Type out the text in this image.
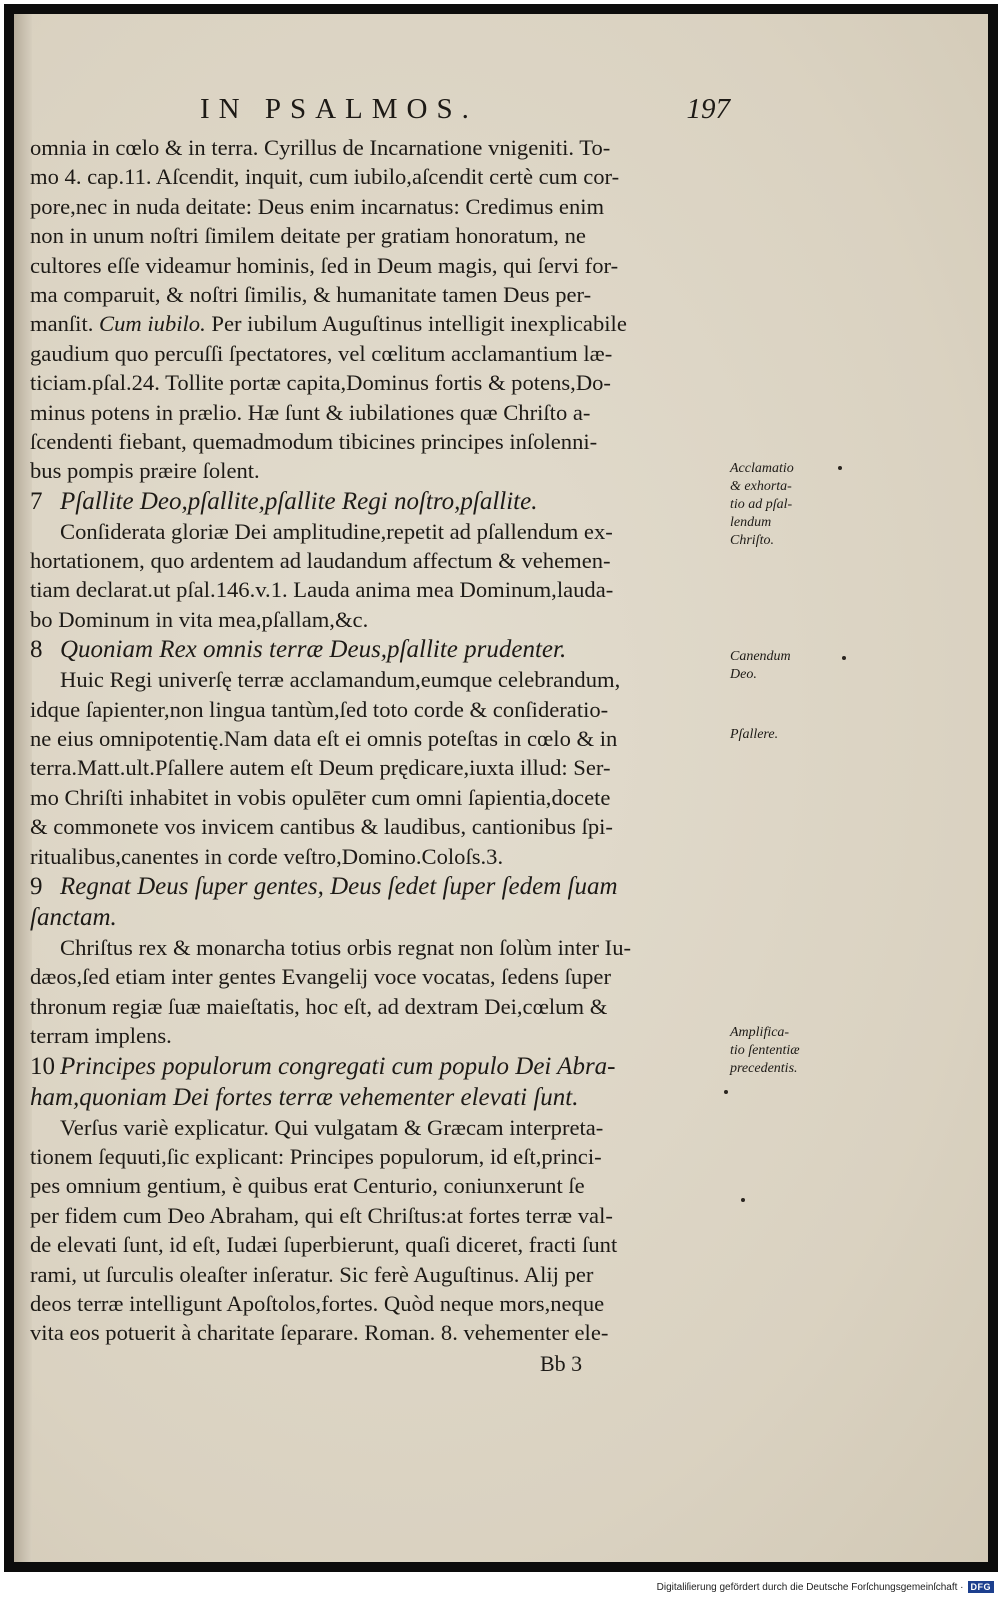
IN PSALMOS.	197
omnia in cœlo & in terra. Cyrillus de Incarnatione vnigeniti. To-
mo 4. cap.11. Aſcendit, inquit, cum iubilo,aſcendit certè cum cor-
pore,nec in nuda deitate: Deus enim incarnatus: Credimus enim
non in unum noſtri ſimilem deitate per gratiam honoratum, ne
cultores eſſe videamur hominis, ſed in Deum magis, qui ſervi for-
ma comparuit, & noſtri ſimilis, & humanitate tamen Deus per-
manſit. Cum iubilo. Per iubilum Auguſtinus intelligit inexplicabile
gaudium quo percuſſi ſpectatores, vel cœlitum acclamantium læ-
ticiam.pſal.24. Tollite portæ capita,Dominus fortis & potens,Do-
minus potens in prælio. Hæ ſunt & iubilationes quæ Chriſto a-
ſcendenti fiebant, quemadmodum tibicines principes inſolenni-
bus pompis præire ſolent.
7 Pſallite Deo,pſallite,pſallite Regi noſtro,pſallite.
Conſiderata gloriæ Dei amplitudine,repetit ad pſallendum ex-
hortationem, quo ardentem ad laudandum affectum & vehemen-
tiam declarat.ut pſal.146.v.1. Lauda anima mea Dominum,lauda-
bo Dominum in vita mea,pſallam,&c.
8 Quoniam Rex omnis terræ Deus,pſallite prudenter.
Huic Regi univerſę terræ acclamandum,eumque celebrandum,
idque ſapienter,non lingua tantùm,ſed toto corde & conſideratio-
ne eius omnipotentię.Nam data eſt ei omnis poteſtas in cœlo & in
terra.Matt.ult.Pſallere autem eſt Deum prędicare,iuxta illud: Ser-
mo Chriſti inhabitet in vobis opulēter cum omni ſapientia,docete
& commonete vos invicem cantibus & laudibus, cantionibus ſpi-
ritualibus,canentes in corde veſtro,Domino.Coloſs.3.
9 Regnat Deus ſuper gentes, Deus ſedet ſuper ſedem ſuam
ſanctam.
Chriſtus rex & monarcha totius orbis regnat non ſolùm inter Iu-
dæos,ſed etiam inter gentes Evangelij voce vocatas, ſedens ſuper
thronum regiæ ſuæ maieſtatis, hoc eſt, ad dextram Dei,cœlum &
terram implens.
10 Principes populorum congregati cum populo Dei Abra-
ham,quoniam Dei fortes terræ vehementer elevati ſunt.
Verſus variè explicatur. Qui vulgatam & Græcam interpreta-
tionem ſequuti,ſic explicant: Principes populorum, id eſt,princi-
pes omnium gentium, è quibus erat Centurio, coniunxerunt ſe
per fidem cum Deo Abraham, qui eſt Chriſtus:at fortes terræ val-
de elevati ſunt, id eſt, Iudæi ſuperbierunt, quaſi diceret, fracti ſunt
rami, ut ſurculis oleaſter inſeratur. Sic ferè Auguſtinus. Alij per
deos terræ intelligunt Apoſtolos,fortes. Quòd neque mors,neque
vita eos potuerit à charitate ſeparare. Roman. 8. vehementer ele-
Bb 3
Acclamatio
& exhorta-
tio ad pſal-
lendum
Chriſto.
Canendum
Deo.
Pſallere.
Amplifica-
tio ſententiæ
precedentis.
Digitaliſierung gefördert durch die Deutsche Forſchungsgemeinſchaft · DFG
